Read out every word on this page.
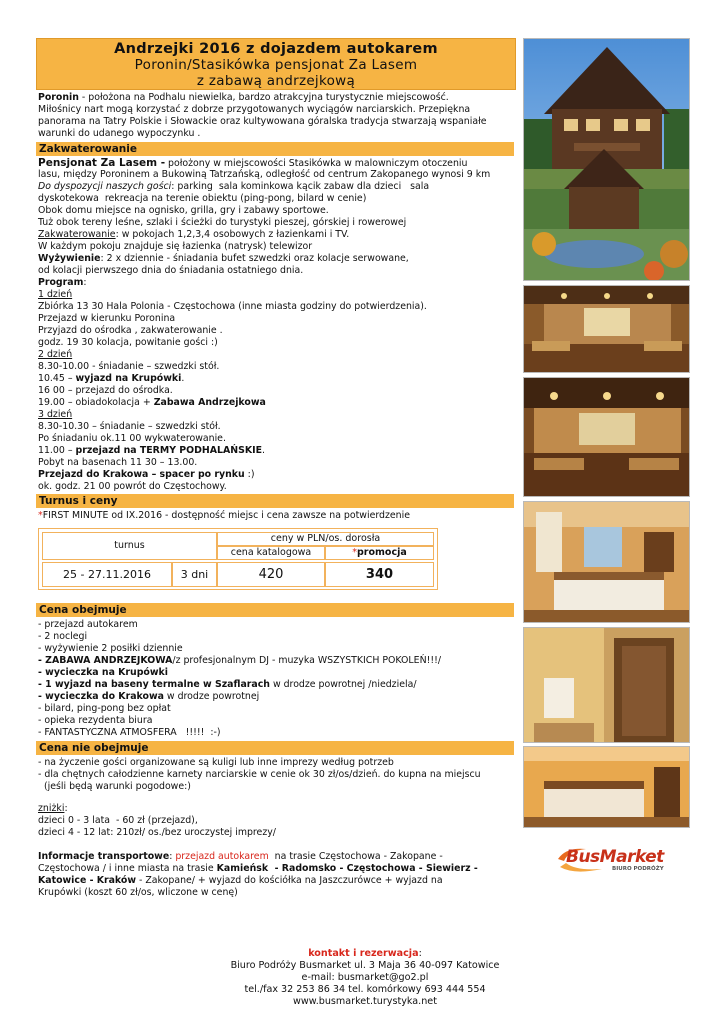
Andrzejki 2016 z dojazdem autokarem
Poronin/Stasikówka pensjonat Za Lasem
z zabawą andrzejkową
Poronin - położona na Podhalu niewielka, bardzo atrakcyjna turystycznie miejscowość.
Miłośnicy nart mogą korzystać z dobrze przygotowanych wyciągów narciarskich. Przepiękna
panorama na Tatry Polskie i Słowackie oraz kultywowana góralska tradycja stwarzają wspaniałe
warunki do udanego wypoczynku .
Zakwaterowanie
Pensjonat Za Lasem - położony w miejscowości Stasikówka w malowniczym otoczeniu
lasu, między Poroninem a Bukowiną Tatrzańską, odległość od centrum Zakopanego wynosi 9 km
Do dyspozycji naszych gości: parking  sala kominkowa kącik zabaw dla dzieci   sala
dyskotekowa  rekreacja na terenie obiektu (ping-pong, bilard w cenie)
Obok domu miejsce na ognisko, grilla, gry i zabawy sportowe.
Tuż obok tereny leśne, szlaki i ścieżki do turystyki pieszej, górskiej i rowerowej
Zakwaterowanie: w pokojach 1,2,3,4 osobowych z łazienkami i TV.
W każdym pokoju znajduje się łazienka (natrysk) telewizor
Wyżywienie: 2 x dziennie - śniadania bufet szwedzki oraz kolacje serwowane,
od kolacji pierwszego dnia do śniadania ostatniego dnia.
Program:
1 dzień
Zbiórka 13 30 Hala Polonia - Częstochowa (inne miasta godziny do potwierdzenia).
Przejazd w kierunku Poronina
Przyjazd do ośrodka , zakwaterowanie .
godz. 19 30 kolacja, powitanie gości :)
2 dzień
8.30-10.00 - śniadanie – szwedzki stół.
10.45 – wyjazd na Krupówki.
16 00 – przejazd do ośrodka.
19.00 – obiadokolacja + Zabawa Andrzejkowa
3 dzień
8.30-10.30 – śniadanie – szwedzki stół.
Po śniadaniu ok.11 00 wykwaterowanie.
11.00 – przejazd na TERMY PODHALAŃSKIE.
Pobyt na basenach 11 30 – 13.00.
Przejazd do Krakowa – spacer po rynku :)
ok. godz. 21 00 powrót do Częstochowy.
Turnus i ceny
*FIRST MINUTE od IX.2016 - dostępność miejsc i cena zawsze na potwierdzenie
turnus
ceny w PLN/os. dorosła
cena katalogowa	*promocja
25 - 27.11.2016	3 dni	420	340
Cena obejmuje
- przejazd autokarem
- 2 noclegi
- wyżywienie 2 posiłki dziennie
- ZABAWA ANDRZEJKOWA/z profesjonalnym DJ - muzyka WSZYSTKICH POKOLEŃ!!!/
- wycieczka na Krupówki
- 1 wyjazd na baseny termalne w Szaflarach w drodze powrotnej /niedziela/
- wycieczka do Krakowa w drodze powrotnej
- bilard, ping-pong bez opłat
- opieka rezydenta biura
- FANTASTYCZNA ATMOSFERA   !!!!!  :-)
Cena nie obejmuje
- na życzenie gości organizowane są kuligi lub inne imprezy według potrzeb
- dla chętnych całodzienne karnety narciarskie w cenie ok 30 zł/os/dzień. do kupna na miejscu
(jeśli będą warunki pogodowe:)
zniżki:
dzieci 0 - 3 lata  - 60 zł (przejazd),
dzieci 4 - 12 lat: 210zł/ os./bez uroczystej imprezy/
Informacje transportowe: przejazd autokarem  na trasie Częstochowa - Zakopane -
Częstochowa / i inne miasta na trasie Kamieńsk  - Radomsko - Częstochowa - Siewierz -
Katowice - Kraków - Zakopane/ + wyjazd do kościółka na Jaszczurówce + wyjazd na
Krupówki (koszt 60 zł/os, wliczone w cenę)
kontakt i rezerwacja:
Biuro Podróży Busmarket ul. 3 Maja 36 40-097 Katowice
e-mail: busmarket@go2.pl
tel./fax 32 253 86 34 tel. komórkowy 693 444 554
www.busmarket.turystyka.net
BusMarket
BIURO PODRÓŻY
